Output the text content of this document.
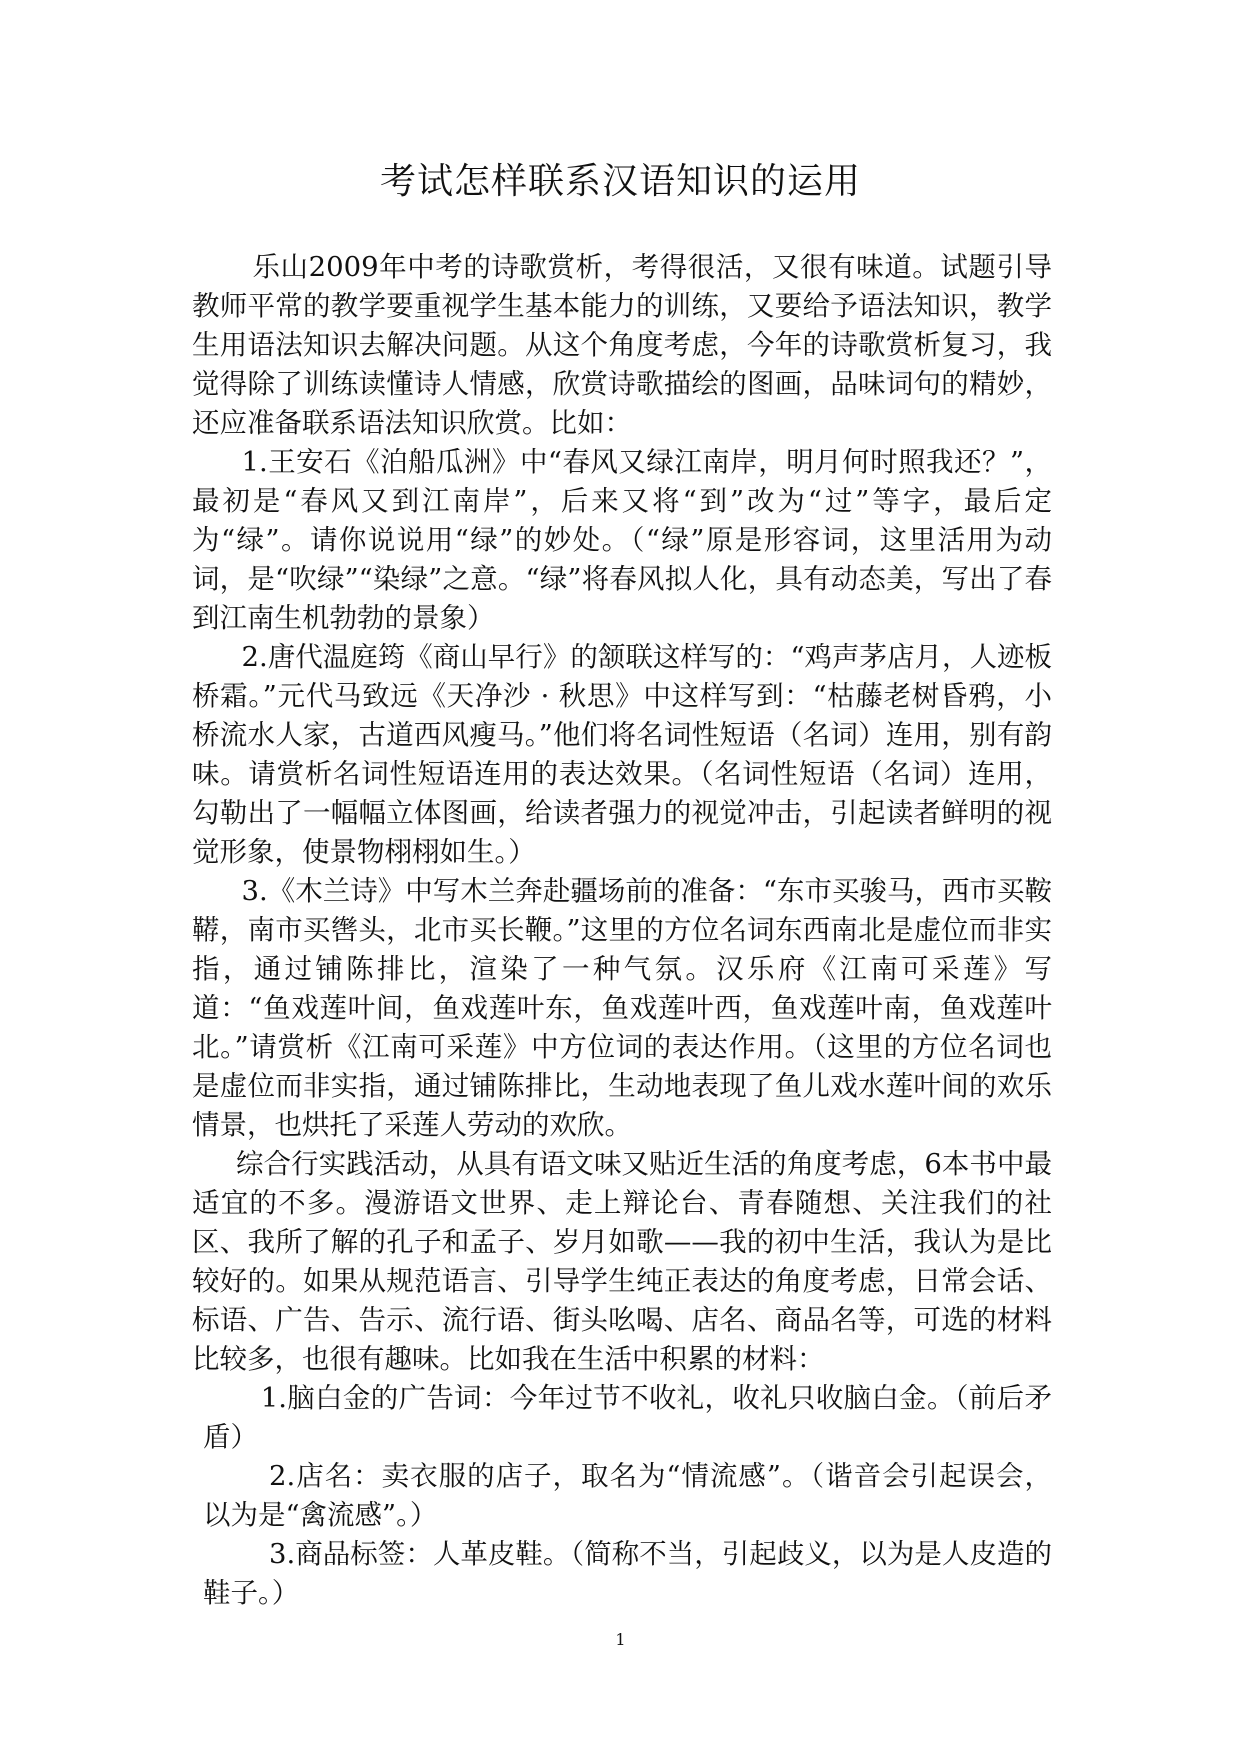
考试怎样联系汉语知识的运用

乐山2009年中考的诗歌赏析，考得很活，又很有味道。试题引导教师平常的教学要重视学生基本能力的训练，又要给予语法知识，教学生用语法知识去解决问题。从这个角度考虑，今年的诗歌赏析复习，我觉得除了训练读懂诗人情感，欣赏诗歌描绘的图画，品味词句的精妙，还应准备联系语法知识欣赏。比如：

1.王安石《泊船瓜洲》中“春风又绿江南岸，明月何时照我还？”，最初是“春风又到江南岸”，后来又将“到”改为“过”等字，最后定为“绿”。请你说说用“绿”的妙处。（“绿”原是形容词，这里活用为动词，是“吹绿”“染绿”之意。“绿”将春风拟人化，具有动态美，写出了春到江南生机勃勃的景象）

2.唐代温庭筠《商山早行》的颔联这样写的：“鸡声茅店月，人迹板桥霜。”元代马致远《天净沙 · 秋思》中这样写到：“枯藤老树昏鸦，小桥流水人家，古道西风瘦马。”他们将名词性短语（名词）连用，别有韵味。请赏析名词性短语连用的表达效果。（名词性短语（名词）连用，勾勒出了一幅幅立体图画，给读者强力的视觉冲击，引起读者鲜明的视觉形象，使景物栩栩如生。）

3.《木兰诗》中写木兰奔赴疆场前的准备：“东市买骏马，西市买鞍鞯，南市买辔头，北市买长鞭。”这里的方位名词东西南北是虚位而非实指，通过铺陈排比，渲染了一种气氛。汉乐府《江南可采莲》写道：“鱼戏莲叶间，鱼戏莲叶东，鱼戏莲叶西，鱼戏莲叶南，鱼戏莲叶北。”请赏析《江南可采莲》中方位词的表达作用。（这里的方位名词也是虚位而非实指，通过铺陈排比，生动地表现了鱼儿戏水莲叶间的欢乐情景，也烘托了采莲人劳动的欢欣。

综合行实践活动，从具有语文味又贴近生活的角度考虑，6本书中最适宜的不多。漫游语文世界、走上辩论台、青春随想、关注我们的社区、我所了解的孔子和孟子、岁月如歌——我的初中生活，我认为是比较好的。如果从规范语言、引导学生纯正表达的角度考虑，日常会话、标语、广告、告示、流行语、街头吆喝、店名、商品名等，可选的材料比较多，也很有趣味。比如我在生活中积累的材料：

1.脑白金的广告词：今年过节不收礼，收礼只收脑白金。（前后矛盾）

2.店名：卖衣服的店子，取名为“情流感”。（谐音会引起误会，以为是“禽流感”。）

3.商品标签：人革皮鞋。（简称不当，引起歧义，以为是人皮造的鞋子。）

1
